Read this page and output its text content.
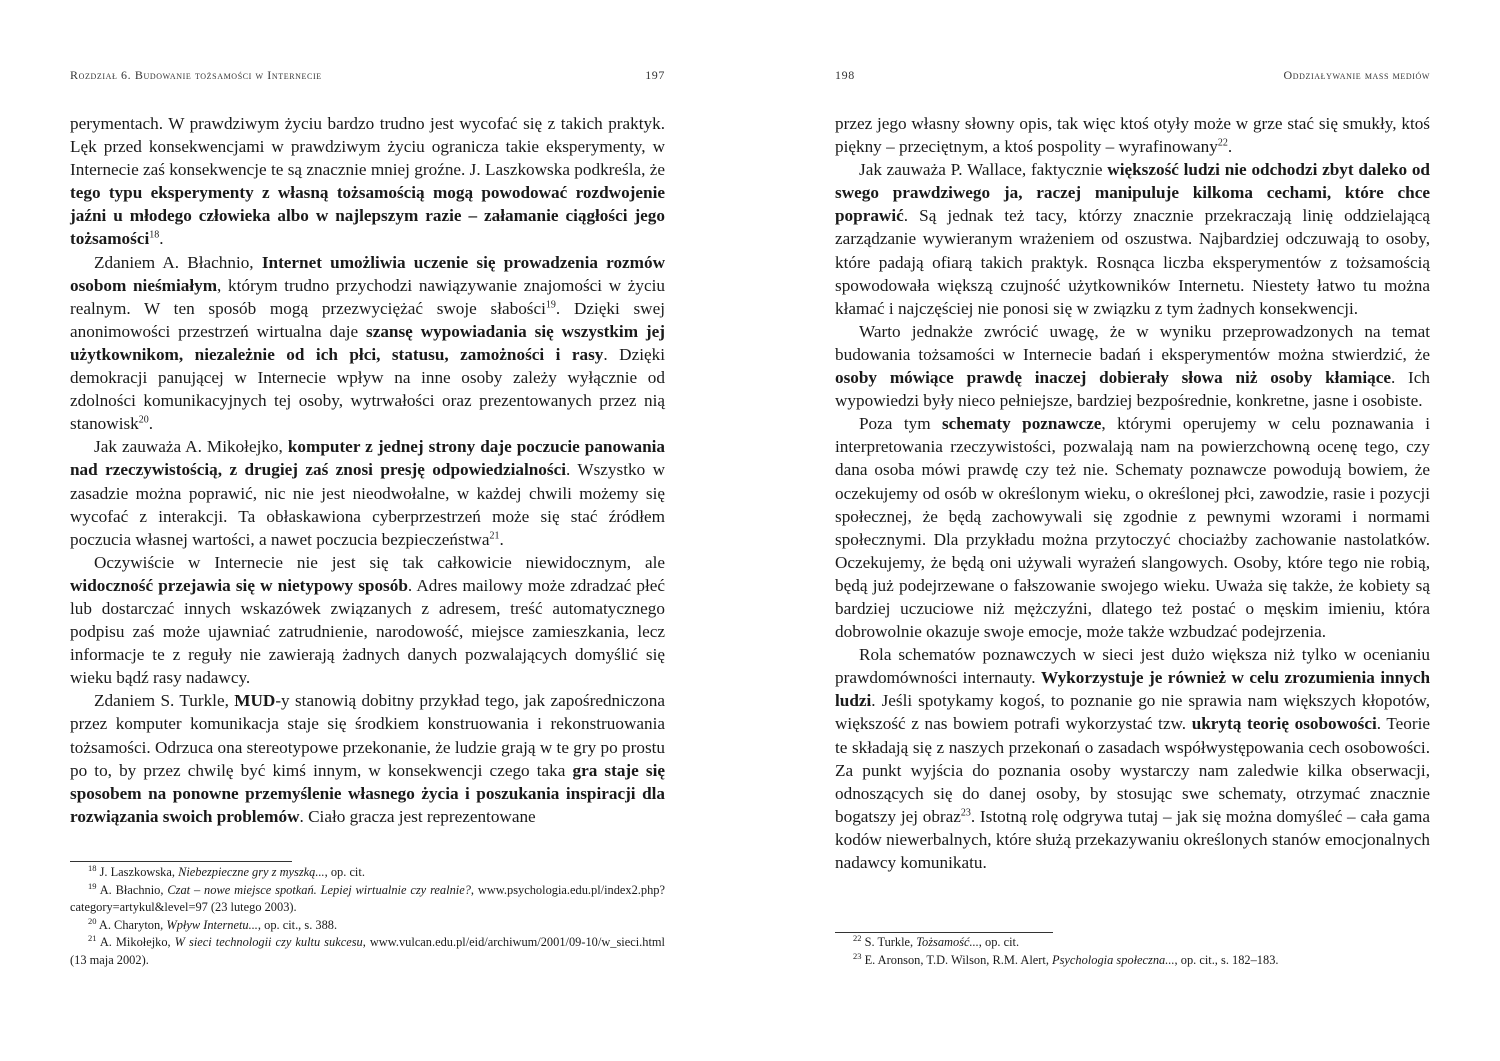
Rozdział 6. Budowanie tożsamości w Internecie	197

perymentach. W prawdziwym życiu bardzo trudno jest wycofać się z takich praktyk. Lęk przed konsekwencjami w prawdziwym życiu ogranicza takie eksperymenty, w Internecie zaś konsekwencje te są znacznie mniej groźne. J. Laszkowska podkreśla, że tego typu eksperymenty z własną tożsamością mogą powodować rozdwojenie jaźni u młodego człowieka albo w najlepszym razie – załamanie ciągłości jego tożsamości$^{18}$.

Zdaniem A. Błachnio, Internet umożliwia uczenie się prowadzenia rozmów osobom nieśmiałym, którym trudno przychodzi nawiązywanie znajomości w życiu realnym. W ten sposób mogą przezwyciężać swoje słabości$^{19}$. Dzięki swej anonimowości przestrzeń wirtualna daje szansę wypowiadania się wszystkim jej użytkownikom, niezależnie od ich płci, statusu, zamożności i rasy. Dzięki demokracji panującej w Internecie wpływ na inne osoby zależy wyłącznie od zdolności komunikacyjnych tej osoby, wytrwałości oraz prezentowanych przez nią stanowisk$^{20}$.

Jak zauważa A. Mikołejko, komputer z jednej strony daje poczucie panowania nad rzeczywistością, z drugiej zaś znosi presję odpowiedzialności. Wszystko w zasadzie można poprawić, nic nie jest nieodwołalne, w każdej chwili możemy się wycofać z interakcji. Ta obłaskawiona cyberprzestrzeń może się stać źródłem poczucia własnej wartości, a nawet poczucia bezpieczeństwa$^{21}$.

Oczywiście w Internecie nie jest się tak całkowicie niewidocznym, ale widoczność przejawia się w nietypowy sposób. Adres mailowy może zdradzać płeć lub dostarczać innych wskazówek związanych z adresem, treść automatycznego podpisu zaś może ujawniać zatrudnienie, narodowość, miejsce zamieszkania, lecz informacje te z reguły nie zawierają żadnych danych pozwalających domyślić się wieku bądź rasy nadawcy.

Zdaniem S. Turkle, MUD-y stanowią dobitny przykład tego, jak zapośredniczona przez komputer komunikacja staje się środkiem konstruowania i rekonstruowania tożsamości. Odrzuca ona stereotypowe przekonanie, że ludzie grają w te gry po prostu po to, by przez chwilę być kimś innym, w konsekwencji czego taka gra staje się sposobem na ponowne przemyślenie własnego życia i poszukania inspiracji dla rozwiązania swoich problemów. Ciało gracza jest reprezentowane

$^{18}$ J. Laszkowska, Niebezpieczne gry z myszką..., op. cit.

$^{19}$ A. Błachnio, Czat – nowe miejsce spotkań. Lepiej wirtualnie czy realnie?, www.psychologia.edu.pl/index2.php?category=artykul&level=97 (23 lutego 2003).

$^{20}$ A. Charyton, Wpływ Internetu..., op. cit., s. 388.

$^{21}$ A. Mikołejko, W sieci technologii czy kultu sukcesu, www.vulcan.edu.pl/eid/archiwum/2001/09-10/w_sieci.html (13 maja 2002).

198	Oddziaływanie mass mediów

przez jego własny słowny opis, tak więc ktoś otyły może w grze stać się smukły, ktoś piękny – przeciętnym, a ktoś pospolity – wyrafinowany$^{22}$.

Jak zauważa P. Wallace, faktycznie większość ludzi nie odchodzi zbyt daleko od swego prawdziwego ja, raczej manipuluje kilkoma cechami, które chce poprawić. Są jednak też tacy, którzy znacznie przekraczają linię oddzielającą zarządzanie wywieranym wrażeniem od oszustwa. Najbardziej odczuwają to osoby, które padają ofiarą takich praktyk. Rosnąca liczba eksperymentów z tożsamością spowodowała większą czujność użytkowników Internetu. Niestety łatwo tu można kłamać i najczęściej nie ponosi się w związku z tym żadnych konsekwencji.

Warto jednakże zwrócić uwagę, że w wyniku przeprowadzonych na temat budowania tożsamości w Internecie badań i eksperymentów można stwierdzić, że osoby mówiące prawdę inaczej dobierały słowa niż osoby kłamiące. Ich wypowiedzi były nieco pełniejsze, bardziej bezpośrednie, konkretne, jasne i osobiste.

Poza tym schematy poznawcze, którymi operujemy w celu poznawania i interpretowania rzeczywistości, pozwalają nam na powierzchowną ocenę tego, czy dana osoba mówi prawdę czy też nie. Schematy poznawcze powodują bowiem, że oczekujemy od osób w określonym wieku, o określonej płci, zawodzie, rasie i pozycji społecznej, że będą zachowywali się zgodnie z pewnymi wzorami i normami społecznymi. Dla przykładu można przytoczyć chociażby zachowanie nastolatków. Oczekujemy, że będą oni używali wyrażeń slangowych. Osoby, które tego nie robią, będą już podejrzewane o fałszowanie swojego wieku. Uważa się także, że kobiety są bardziej uczuciowe niż mężczyźni, dlatego też postać o męskim imieniu, która dobrowolnie okazuje swoje emocje, może także wzbudzać podejrzenia.

Rola schematów poznawczych w sieci jest dużo większa niż tylko w ocenianiu prawdomówności internauty. Wykorzystuje je również w celu zrozumienia innych ludzi. Jeśli spotykamy kogoś, to poznanie go nie sprawia nam większych kłopotów, większość z nas bowiem potrafi wykorzystać tzw. ukrytą teorię osobowości. Teorie te składają się z naszych przekonań o zasadach współwystępowania cech osobowości. Za punkt wyjścia do poznania osoby wystarczy nam zaledwie kilka obserwacji, odnoszących się do danej osoby, by stosując swe schematy, otrzymać znacznie bogatszy jej obraz$^{23}$. Istotną rolę odgrywa tutaj – jak się można domyśleć – cała gama kodów niewerbalnych, które służą przekazywaniu określonych stanów emocjonalnych nadawcy komunikatu.

$^{22}$ S. Turkle, Tożsamość..., op. cit.

$^{23}$ E. Aronson, T.D. Wilson, R.M. Alert, Psychologia społeczna..., op. cit., s. 182–183.
